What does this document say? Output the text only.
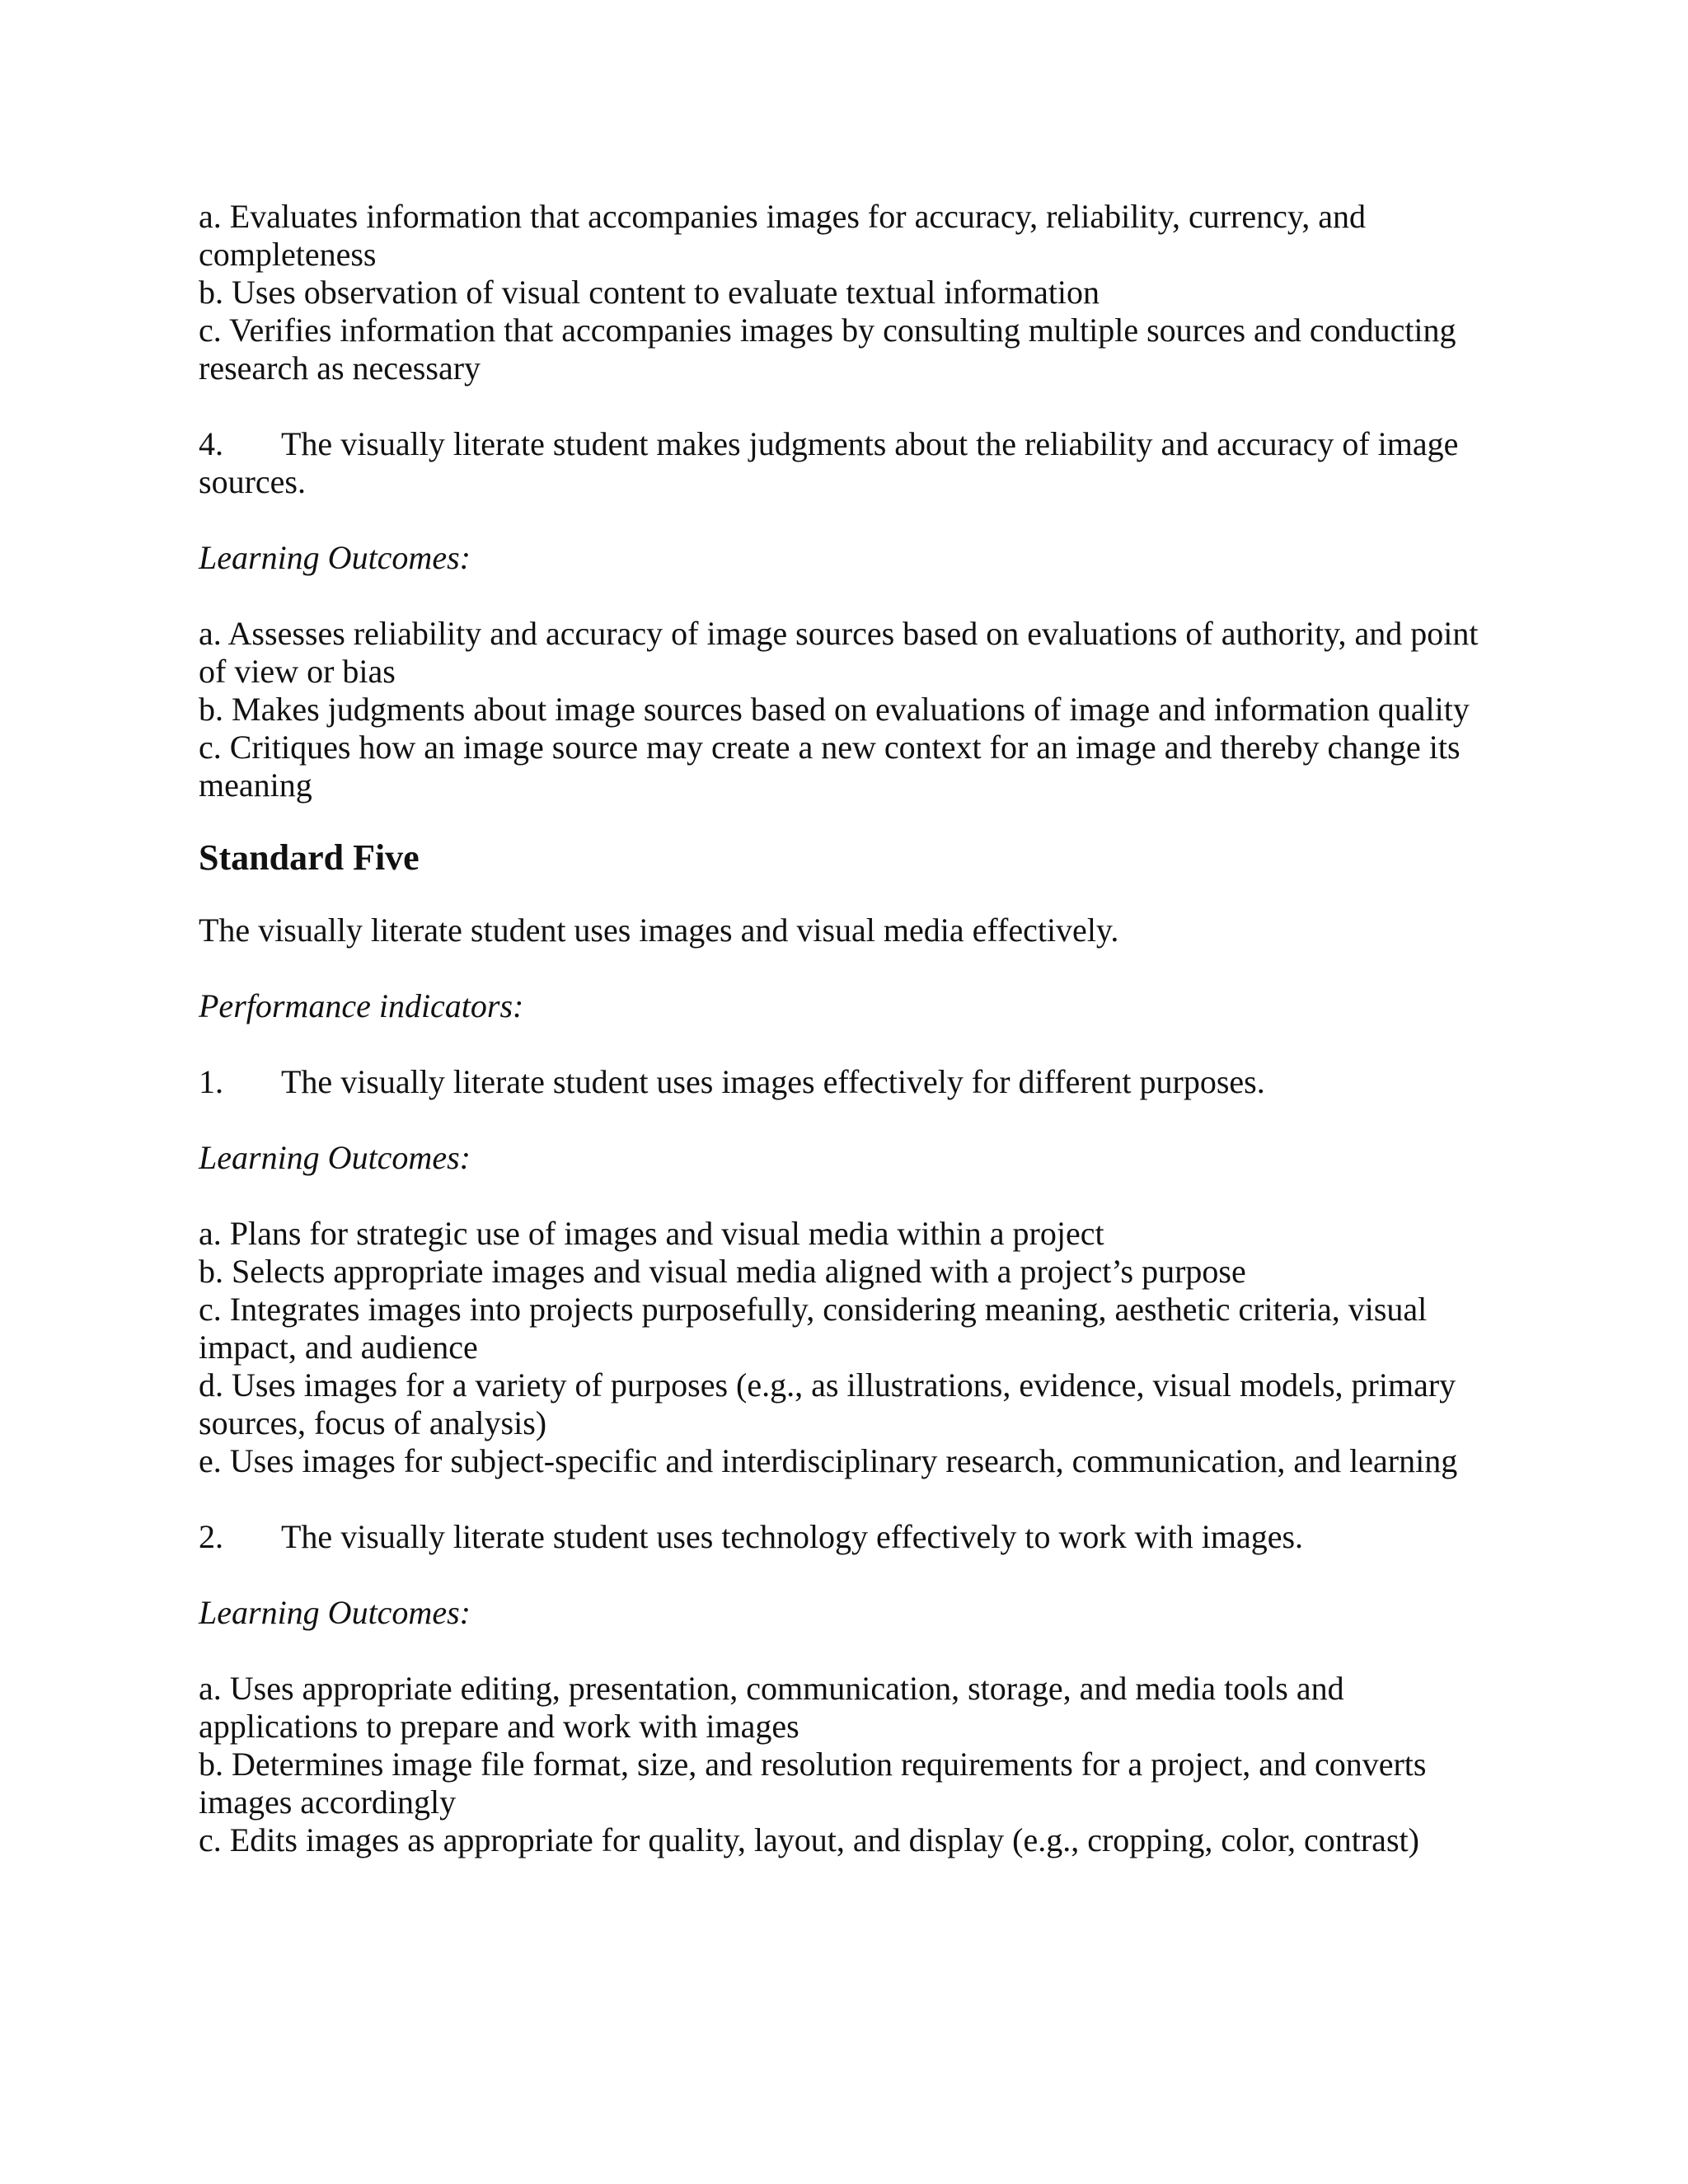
a. Evaluates information that accompanies images for accuracy, reliability, currency, and
completeness
b. Uses observation of visual content to evaluate textual information
c. Verifies information that accompanies images by consulting multiple sources and conducting
research as necessary
4. The visually literate student makes judgments about the reliability and accuracy of image
sources.
Learning Outcomes:
a. Assesses reliability and accuracy of image sources based on evaluations of authority, and point
of view or bias
b. Makes judgments about image sources based on evaluations of image and information quality
c. Critiques how an image source may create a new context for an image and thereby change its
meaning
Standard Five
The visually literate student uses images and visual media effectively.
Performance indicators:
1. The visually literate student uses images effectively for different purposes.
Learning Outcomes:
a. Plans for strategic use of images and visual media within a project
b. Selects appropriate images and visual media aligned with a project’s purpose
c. Integrates images into projects purposefully, considering meaning, aesthetic criteria, visual
impact, and audience
d. Uses images for a variety of purposes (e.g., as illustrations, evidence, visual models, primary
sources, focus of analysis)
e. Uses images for subject-specific and interdisciplinary research, communication, and learning
2. The visually literate student uses technology effectively to work with images.
Learning Outcomes:
a. Uses appropriate editing, presentation, communication, storage, and media tools and
applications to prepare and work with images
b. Determines image file format, size, and resolution requirements for a project, and converts
images accordingly
c. Edits images as appropriate for quality, layout, and display (e.g., cropping, color, contrast)
